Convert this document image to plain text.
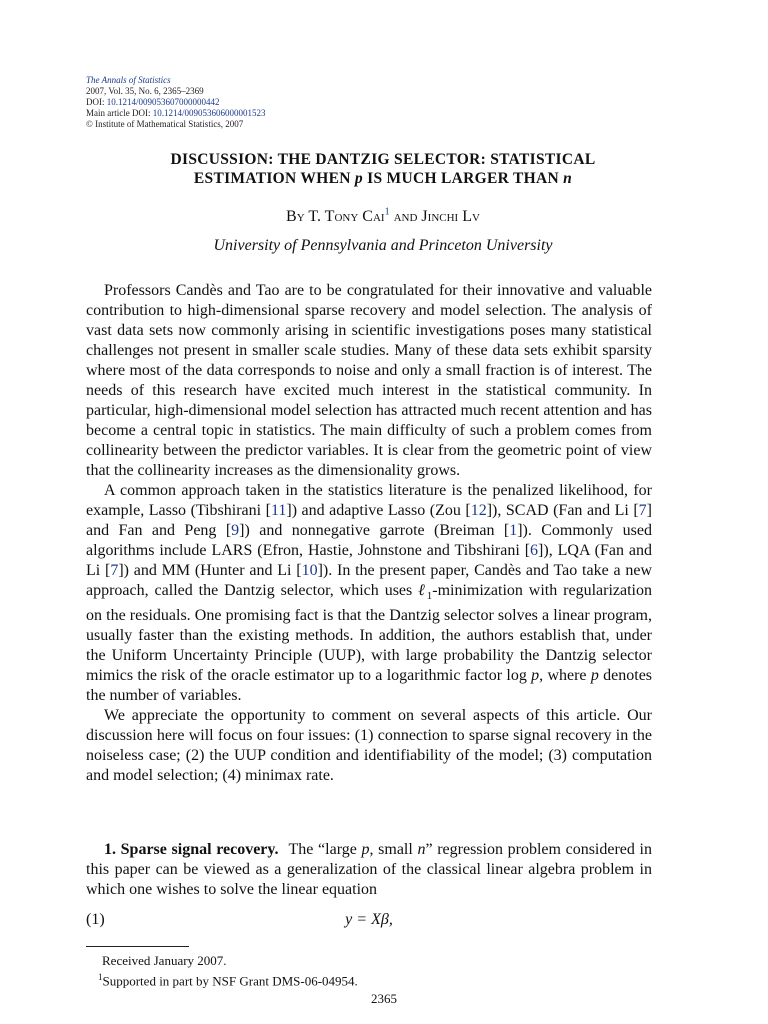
The Annals of Statistics
2007, Vol. 35, No. 6, 2365–2369
DOI: 10.1214/009053607000000442
Main article DOI: 10.1214/009053606000001523
© Institute of Mathematical Statistics, 2007
DISCUSSION: THE DANTZIG SELECTOR: STATISTICAL
ESTIMATION WHEN p IS MUCH LARGER THAN n
By T. Tony Cai$^1$ and Jinchi Lv
University of Pennsylvania and Princeton University

Professors Candès and Tao are to be congratulated for their innovative and valuable contribution to high-dimensional sparse recovery and model selection. The analysis of vast data sets now commonly arising in scientific investigations poses many statistical challenges not present in smaller scale studies. Many of these data sets exhibit sparsity where most of the data corresponds to noise and only a small fraction is of interest. The needs of this research have excited much interest in the statistical community. In particular, high-dimensional model selection has attracted much recent attention and has become a central topic in statistics. The main difficulty of such a problem comes from collinearity between the predictor variables. It is clear from the geometric point of view that the collinearity increases as the dimensionality grows.

A common approach taken in the statistics literature is the penalized likelihood, for example, Lasso (Tibshirani [11]) and adaptive Lasso (Zou [12]), SCAD (Fan and Li [7] and Fan and Peng [9]) and nonnegative garrote (Breiman [1]). Commonly used algorithms include LARS (Efron, Hastie, Johnstone and Tibshirani [6]), LQA (Fan and Li [7]) and MM (Hunter and Li [10]). In the present paper, Candès and Tao take a new approach, called the Dantzig selector, which uses ℓ$_1$-minimization with regularization on the residuals. One promising fact is that the Dantzig selector solves a linear program, usually faster than the existing methods. In addition, the authors establish that, under the Uniform Uncertainty Principle (UUP), with large probability the Dantzig selector mimics the risk of the oracle estimator up to a logarithmic factor log p, where p denotes the number of variables.

We appreciate the opportunity to comment on several aspects of this article. Our discussion here will focus on four issues: (1) connection to sparse signal recovery in the noiseless case; (2) the UUP condition and identifiability of the model; (3) computation and model selection; (4) minimax rate.

1. Sparse signal recovery. The “large p, small n” regression problem considered in this paper can be viewed as a generalization of the classical linear algebra problem in which one wishes to solve the linear equation

(1)	y = Xβ,
Received January 2007.
$^1$Supported in part by NSF Grant DMS-06-04954.
2365
